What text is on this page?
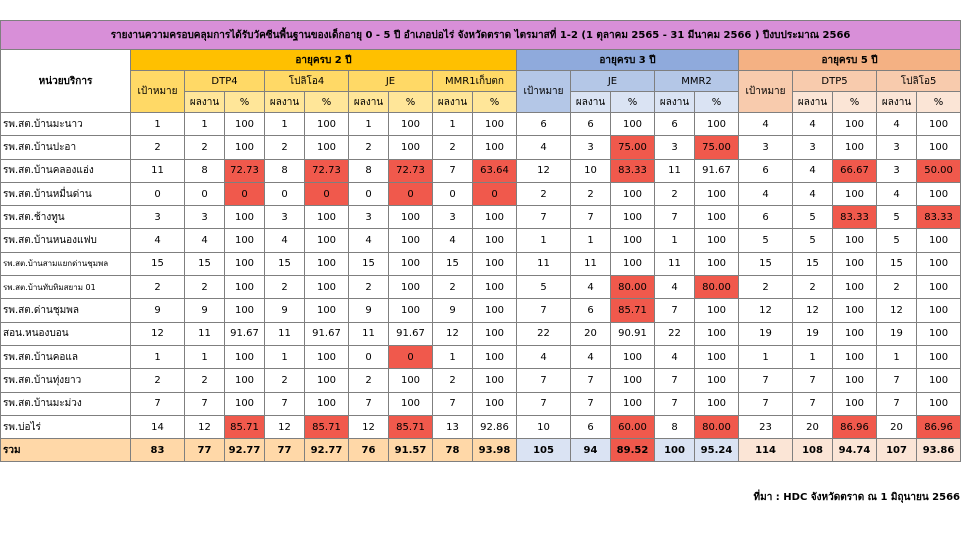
รายงานความครอบคลุมการได้รับวัคซีนพื้นฐานของเด็กอายุ 0 - 5 ปี อำเภอบ่อไร่ จังหวัดตราด ไตรมาสที่ 1-2 (1 ตุลาคม 2565 - 31 มีนาคม 2566 ) ปีงบประมาณ 2566																			
หน่วยบริการ	อายุครบ 2 ปี									อายุครบ 3 ปี					อายุครบ 5 ปี				
	เป้าหมาย	DTP4		โปลิโอ4		JE		MMR1เก็บตก		เป้าหมาย	JE		MMR2		เป้าหมาย	DTP5		โปลิโอ5	
		ผลงาน	%	ผลงาน	%	ผลงาน	%	ผลงาน	%		ผลงาน	%	ผลงาน	%		ผลงาน	%	ผลงาน	%
รพ.สต.บ้านมะนาว	1	1	100	1	100	1	100	1	100	6	6	100	6	100	4	4	100	4	100
รพ.สต.บ้านปะอา	2	2	100	2	100	2	100	2	100	4	3	75.00	3	75.00	3	3	100	3	100
รพ.สต.บ้านคลองแอ่ง	11	8	72.73	8	72.73	8	72.73	7	63.64	12	10	83.33	11	91.67	6	4	66.67	3	50.00
รพ.สต.บ้านหมื่นด่าน	0	0	0	0	0	0	0	0	0	2	2	100	2	100	4	4	100	4	100
รพ.สต.ช้างทูน	3	3	100	3	100	3	100	3	100	7	7	100	7	100	6	5	83.33	5	83.33
รพ.สต.บ้านหนองแฟบ	4	4	100	4	100	4	100	4	100	1	1	100	1	100	5	5	100	5	100
รพ.สต.บ้านสามแยกด่านชุมพล	15	15	100	15	100	15	100	15	100	11	11	100	11	100	15	15	100	15	100
รพ.สต.บ้านทับทิมสยาม 01	2	2	100	2	100	2	100	2	100	5	4	80.00	4	80.00	2	2	100	2	100
รพ.สต.ด่านชุมพล	9	9	100	9	100	9	100	9	100	7	6	85.71	7	100	12	12	100	12	100
สอน.หนองบอน	12	11	91.67	11	91.67	11	91.67	12	100	22	20	90.91	22	100	19	19	100	19	100
รพ.สต.บ้านคอแล	1	1	100	1	100	0	0	1	100	4	4	100	4	100	1	1	100	1	100
รพ.สต.บ้านทุ่งยาว	2	2	100	2	100	2	100	2	100	7	7	100	7	100	7	7	100	7	100
รพ.สต.บ้านมะม่วง	7	7	100	7	100	7	100	7	100	7	7	100	7	100	7	7	100	7	100
รพ.บ่อไร่	14	12	85.71	12	85.71	12	85.71	13	92.86	10	6	60.00	8	80.00	23	20	86.96	20	86.96
รวม	83	77	92.77	77	92.77	76	91.57	78	93.98	105	94	89.52	100	95.24	114	108	94.74	107	93.86
ที่มา : HDC จังหวัดตราด ณ 1 มิถุนายน 2566
